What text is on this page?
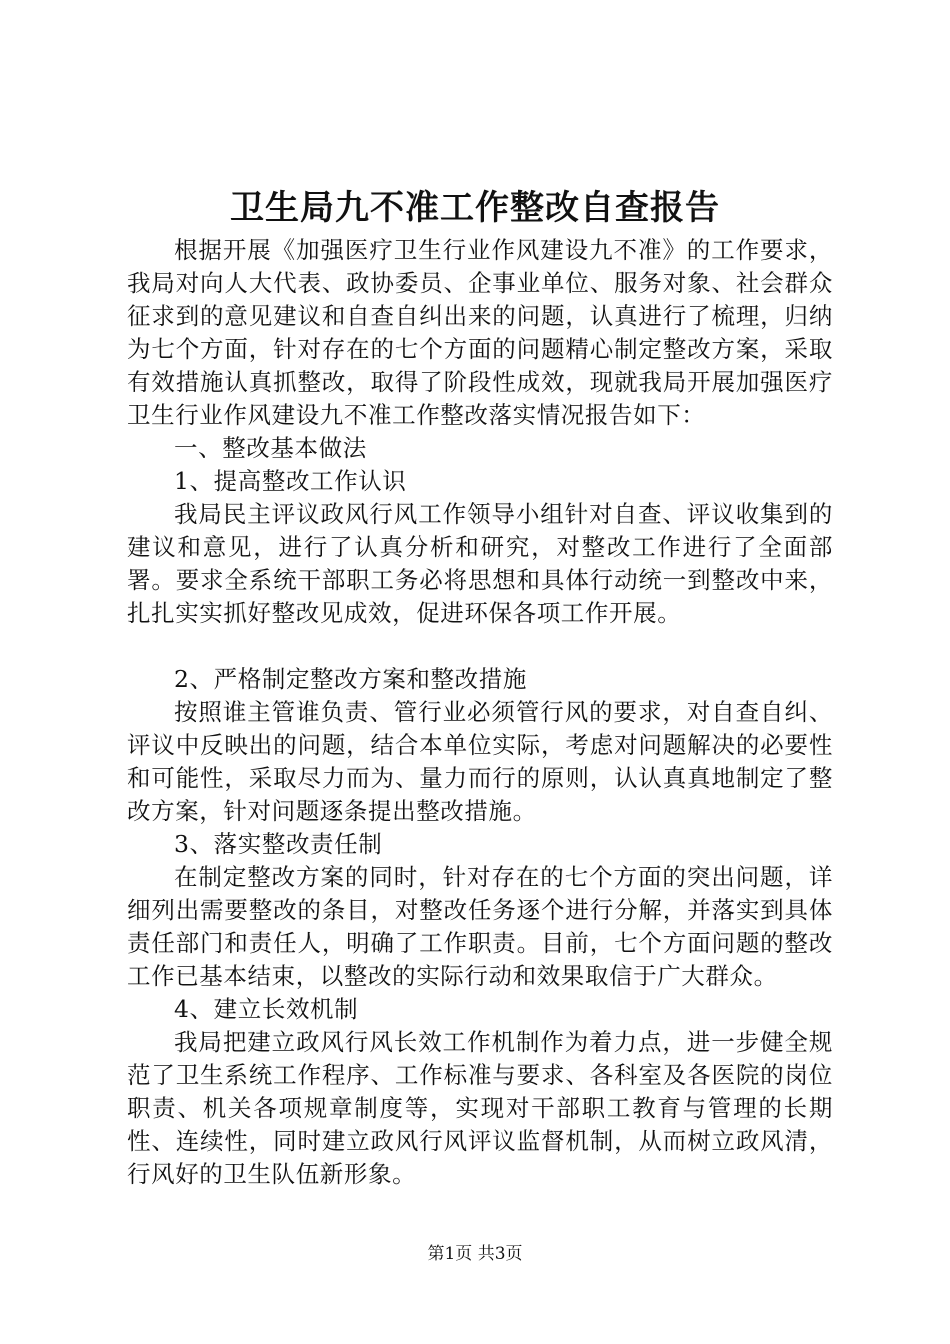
卫生局九不准工作整改自查报告

根据开展《加强医疗卫生行业作风建设九不准》的工作要求，我局对向人大代表、政协委员、企事业单位、服务对象、社会群众征求到的意见建议和自查自纠出来的问题，认真进行了梳理，归纳为七个方面，针对存在的七个方面的问题精心制定整改方案，采取有效措施认真抓整改，取得了阶段性成效，现就我局开展加强医疗卫生行业作风建设九不准工作整改落实情况报告如下：

一、整改基本做法

1、提高整改工作认识

我局民主评议政风行风工作领导小组针对自查、评议收集到的建议和意见，进行了认真分析和研究，对整改工作进行了全面部署。要求全系统干部职工务必将思想和具体行动统一到整改中来，扎扎实实抓好整改见成效，促进环保各项工作开展。

2、严格制定整改方案和整改措施

按照谁主管谁负责、管行业必须管行风的要求，对自查自纠、评议中反映出的问题，结合本单位实际，考虑对问题解决的必要性和可能性，采取尽力而为、量力而行的原则，认认真真地制定了整改方案，针对问题逐条提出整改措施。

3、落实整改责任制

在制定整改方案的同时，针对存在的七个方面的突出问题，详细列出需要整改的条目，对整改任务逐个进行分解，并落实到具体责任部门和责任人，明确了工作职责。目前，七个方面问题的整改工作已基本结束，以整改的实际行动和效果取信于广大群众。

4、建立长效机制

我局把建立政风行风长效工作机制作为着力点，进一步健全规范了卫生系统工作程序、工作标准与要求、各科室及各医院的岗位职责、机关各项规章制度等，实现对干部职工教育与管理的长期性、连续性，同时建立政风行风评议监督机制，从而树立政风清，行风好的卫生队伍新形象。

第1页 共3页
